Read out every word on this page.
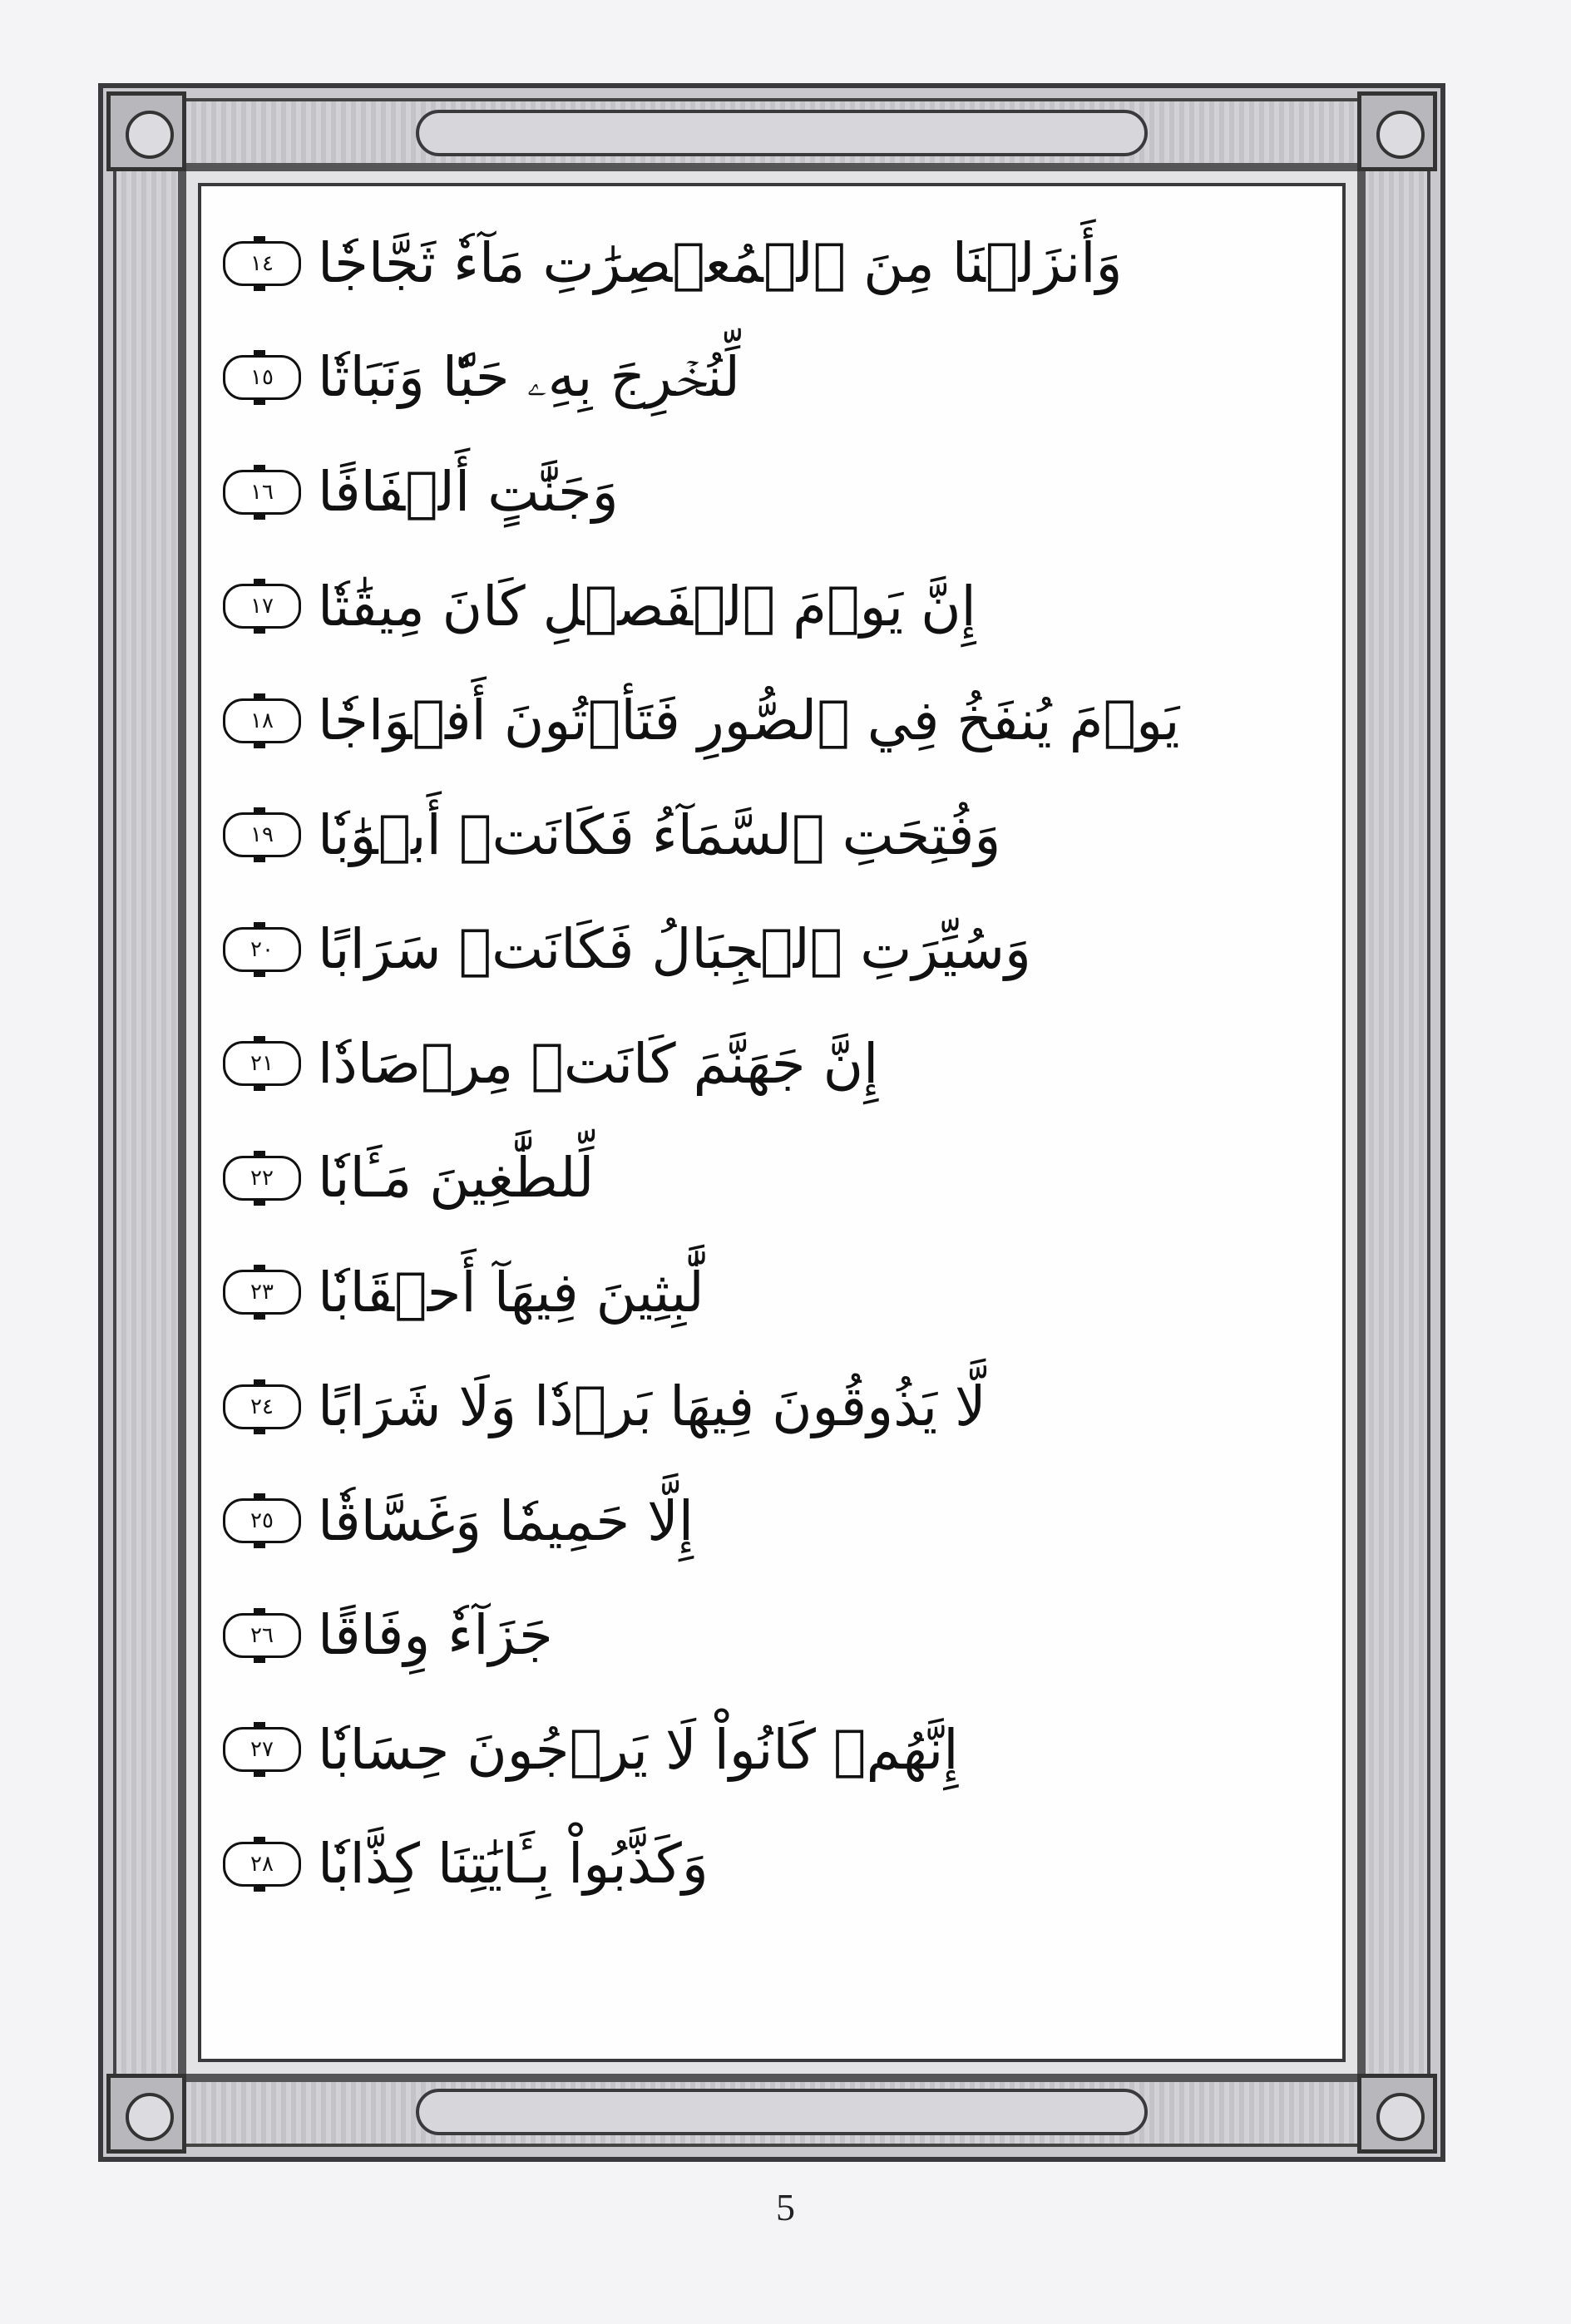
وَأَنزَلۡنَا مِنَ ٱلۡمُعۡصِرَٰتِ مَآءٗ ثَجَّاجٗا
١٤
لِّنُخۡرِجَ بِهِۦ حَبّٗا وَنَبَاتٗا
١٥
وَجَنَّٰتٍ أَلۡفَافًا
١٦
إِنَّ يَوۡمَ ٱلۡفَصۡلِ كَانَ مِيقَٰتٗا
١٧
يَوۡمَ يُنفَخُ فِي ٱلصُّورِ فَتَأۡتُونَ أَفۡوَاجٗا
١٨
وَفُتِحَتِ ٱلسَّمَآءُ فَكَانَتۡ أَبۡوَٰبٗا
١٩
وَسُيِّرَتِ ٱلۡجِبَالُ فَكَانَتۡ سَرَابًا
٢٠
إِنَّ جَهَنَّمَ كَانَتۡ مِرۡصَادٗا
٢١
لِّلطَّٰغِينَ مَـَٔابٗا
٢٢
لَّٰبِثِينَ فِيهَآ أَحۡقَابٗا
٢٣
لَّا يَذُوقُونَ فِيهَا بَرۡدٗا وَلَا شَرَابًا
٢٤
إِلَّا حَمِيمٗا وَغَسَّاقٗا
٢٥
جَزَآءٗ وِفَاقًا
٢٦
إِنَّهُمۡ كَانُواْ لَا يَرۡجُونَ حِسَابٗا
٢٧
وَكَذَّبُواْ بِـَٔايَٰتِنَا كِذَّابٗا
٢٨
5
